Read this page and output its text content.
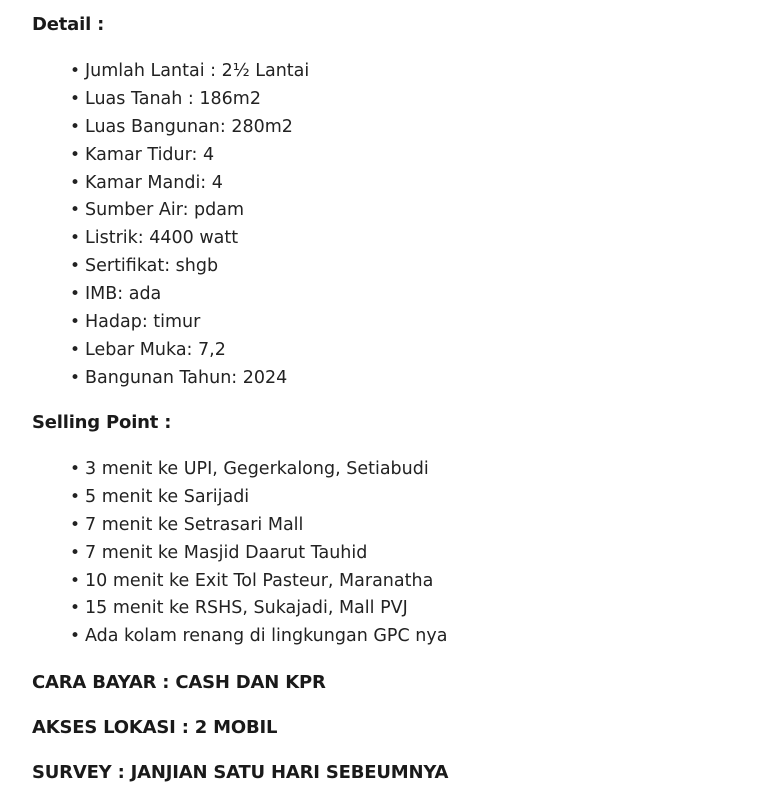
Detail :
• Jumlah Lantai : 2½ Lantai
• Luas Tanah : 186m2
• Luas Bangunan: 280m2
• Kamar Tidur: 4
• Kamar Mandi: 4
• Sumber Air: pdam
• Listrik: 4400 watt
• Sertifikat: shgb
• IMB: ada
• Hadap: timur
• Lebar Muka: 7,2
• Bangunan Tahun: 2024
Selling Point :
• 3 menit ke UPI, Gegerkalong, Setiabudi
• 5 menit ke Sarijadi
• 7 menit ke Setrasari Mall
• 7 menit ke Masjid Daarut Tauhid
• 10 menit ke Exit Tol Pasteur, Maranatha
• 15 menit ke RSHS, Sukajadi, Mall PVJ
• Ada kolam renang di lingkungan GPC nya
CARA BAYAR : CASH DAN KPR
AKSES LOKASI : 2 MOBIL
SURVEY : JANJIAN SATU HARI SEBEUMNYA
